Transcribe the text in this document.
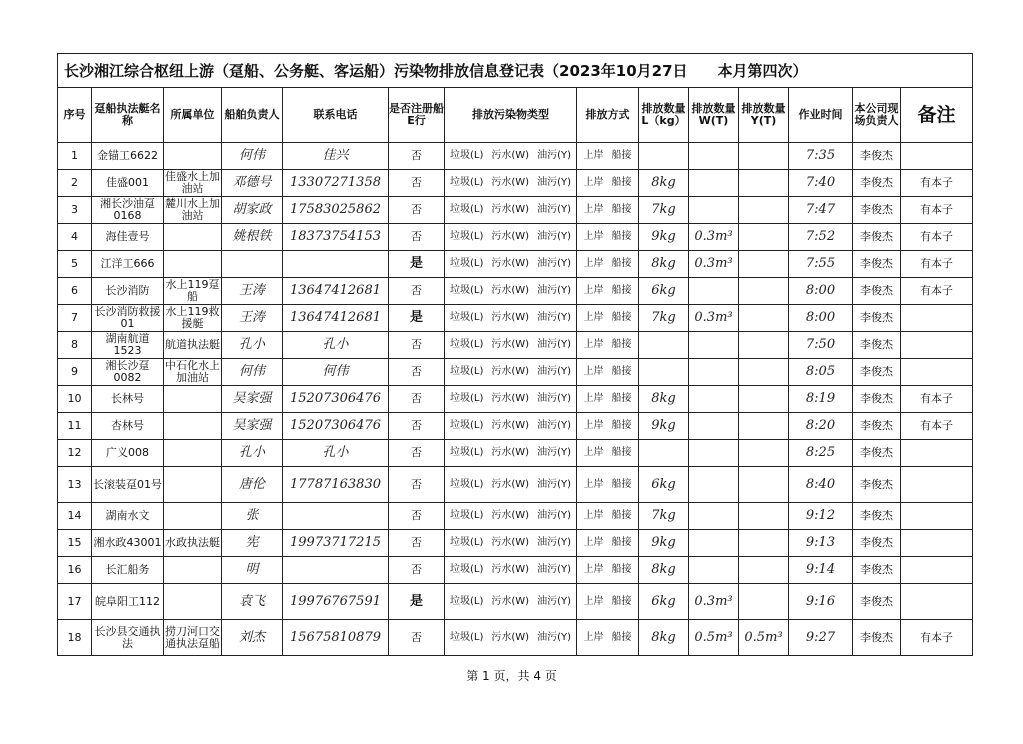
长沙湘江综合枢纽上游（趸船、公务艇、客运船）污染物排放信息登记表（2023年10月27日 本月第四次）													
序号	趸船执法艇名称	所属单位	船舶负责人	联系电话	是否注册船E行	排放污染物类型	排放方式	排放数量L（kg）	排放数量W(T)	排放数量Y(T)	作业时间	本公司现场负责人	备注
1	金锚工6622		何伟	佳兴	否	垃圾(L) 污水(W) 油污(Y)	上岸 船接				7:35	李俊杰	
2	佳盛001	佳盛水上加油站	邓德号	13307271358	否	垃圾(L) 污水(W) 油污(Y)	上岸 船接	8kg			7:40	李俊杰	有本子
3	湘长沙油趸0168	麓川水上加油站	胡家政	17583025862	否	垃圾(L) 污水(W) 油污(Y)	上岸 船接	7kg			7:47	李俊杰	有本子
4	海佳壹号		姚根铁	18373754153	否	垃圾(L) 污水(W) 油污(Y)	上岸 船接	9kg	0.3m³		7:52	李俊杰	有本子
5	江洋工666				是	垃圾(L) 污水(W) 油污(Y)	上岸 船接	8kg	0.3m³		7:55	李俊杰	有本子
6	长沙消防	水上119趸船	王涛	13647412681	否	垃圾(L) 污水(W) 油污(Y)	上岸 船接	6kg			8:00	李俊杰	有本子
7	长沙消防救援01	水上119救援艇	王涛	13647412681	是	垃圾(L) 污水(W) 油污(Y)	上岸 船接	7kg	0.3m³		8:00	李俊杰	
8	湖南航道1523	航道执法艇	孔小	孔小	否	垃圾(L) 污水(W) 油污(Y)	上岸 船接				7:50	李俊杰	
9	湘长沙趸0082	中石化水上加油站	何伟	何伟	否	垃圾(L) 污水(W) 油污(Y)	上岸 船接				8:05	李俊杰	
10	长林号		吴家强	15207306476	否	垃圾(L) 污水(W) 油污(Y)	上岸 船接	8kg			8:19	李俊杰	有本子
11	杏林号		吴家强	15207306476	否	垃圾(L) 污水(W) 油污(Y)	上岸 船接	9kg			8:20	李俊杰	有本子
12	广义008		孔小	孔小	否	垃圾(L) 污水(W) 油污(Y)	上岸 船接				8:25	李俊杰	
13	长滚装趸01号		唐伦	17787163830	否	垃圾(L) 污水(W) 油污(Y)	上岸 船接	6kg			8:40	李俊杰	
14	湖南水文		张		否	垃圾(L) 污水(W) 油污(Y)	上岸 船接	7kg			9:12	李俊杰	
15	湘水政43001	水政执法艇	宪	19973717215	否	垃圾(L) 污水(W) 油污(Y)	上岸 船接	9kg			9:13	李俊杰	
16	长汇船务		明		否	垃圾(L) 污水(W) 油污(Y)	上岸 船接	8kg			9:14	李俊杰	
17	皖阜阳工112		袁飞	19976767591	是	垃圾(L) 污水(W) 油污(Y)	上岸 船接	6kg	0.3m³		9:16	李俊杰	
18	长沙县交通执法	捞刀河口交通执法趸船	刘杰	15675810879	否	垃圾(L) 污水(W) 油污(Y)	上岸 船接	8kg	0.5m³	0.5m³	9:27	李俊杰	有本子
第 1 页，共 4 页
